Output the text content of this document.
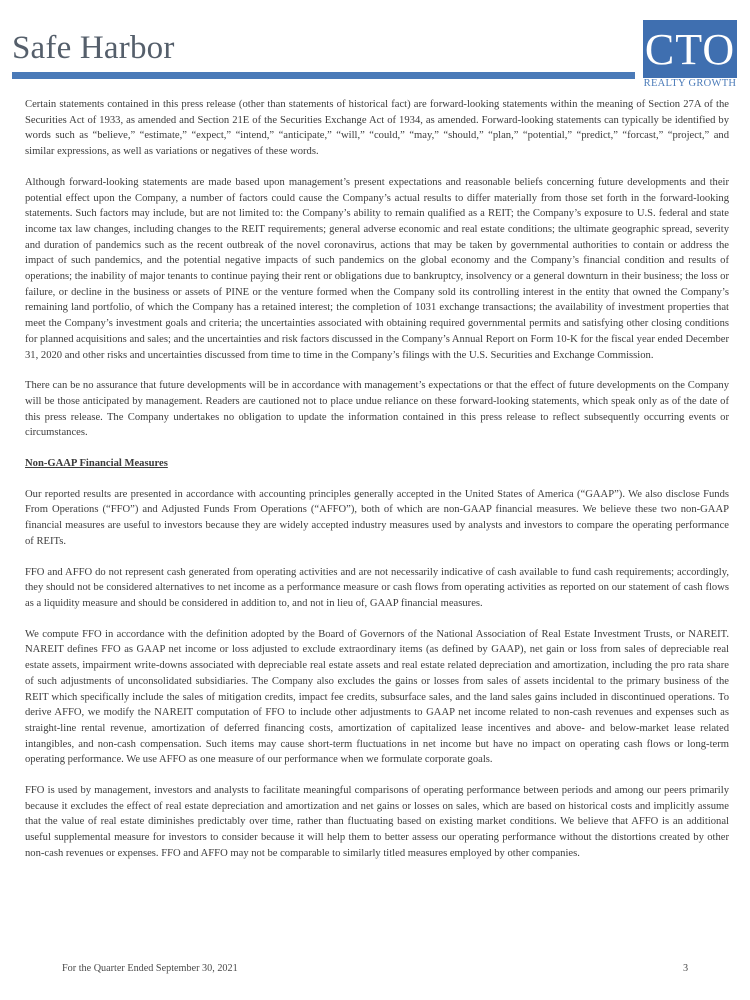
Safe Harbor	CTO
REALTY GROWTH

Certain statements contained in this press release (other than statements of historical fact) are forward-looking statements within the meaning of Section 27A of the Securities Act of 1933, as amended and Section 21E of the Securities Exchange Act of 1934, as amended. Forward-looking statements can typically be identified by words such as “believe,” “estimate,” “expect,” “intend,” “anticipate,” “will,” “could,” “may,” “should,” “plan,” “potential,” “predict,” “forcast,” “project,” and similar expressions, as well as variations or negatives of these words.

Although forward-looking statements are made based upon management’s present expectations and reasonable beliefs concerning future developments and their potential effect upon the Company, a number of factors could cause the Company’s actual results to differ materially from those set forth in the forward-looking statements. Such factors may include, but are not limited to: the Company’s ability to remain qualified as a REIT; the Company’s exposure to U.S. federal and state income tax law changes, including changes to the REIT requirements; general adverse economic and real estate conditions; the ultimate geographic spread, severity and duration of pandemics such as the recent outbreak of the novel coronavirus, actions that may be taken by governmental authorities to contain or address the impact of such pandemics, and the potential negative impacts of such pandemics on the global economy and the Company’s financial condition and results of operations; the inability of major tenants to continue paying their rent or obligations due to bankruptcy, insolvency or a general downturn in their business; the loss or failure, or decline in the business or assets of PINE or the venture formed when the Company sold its controlling interest in the entity that owned the Company’s remaining land portfolio, of which the Company has a retained interest; the completion of 1031 exchange transactions; the availability of investment properties that meet the Company’s investment goals and criteria; the uncertainties associated with obtaining required governmental permits and satisfying other closing conditions for planned acquisitions and sales; and the uncertainties and risk factors discussed in the Company’s Annual Report on Form 10-K for the fiscal year ended December 31, 2020 and other risks and uncertainties discussed from time to time in the Company’s filings with the U.S. Securities and Exchange Commission.

There can be no assurance that future developments will be in accordance with management’s expectations or that the effect of future developments on the Company will be those anticipated by management. Readers are cautioned not to place undue reliance on these forward-looking statements, which speak only as of the date of this press release. The Company undertakes no obligation to update the information contained in this press release to reflect subsequently occurring events or circumstances.

Non-GAAP Financial Measures

Our reported results are presented in accordance with accounting principles generally accepted in the United States of America (“GAAP”). We also disclose Funds From Operations (“FFO”) and Adjusted Funds From Operations (“AFFO”), both of which are non-GAAP financial measures. We believe these two non-GAAP financial measures are useful to investors because they are widely accepted industry measures used by analysts and investors to compare the operating performance of REITs.

FFO and AFFO do not represent cash generated from operating activities and are not necessarily indicative of cash available to fund cash requirements; accordingly, they should not be considered alternatives to net income as a performance measure or cash flows from operating activities as reported on our statement of cash flows as a liquidity measure and should be considered in addition to, and not in lieu of, GAAP financial measures.

We compute FFO in accordance with the definition adopted by the Board of Governors of the National Association of Real Estate Investment Trusts, or NAREIT. NAREIT defines FFO as GAAP net income or loss adjusted to exclude extraordinary items (as defined by GAAP), net gain or loss from sales of depreciable real estate assets, impairment write-downs associated with depreciable real estate assets and real estate related depreciation and amortization, including the pro rata share of such adjustments of unconsolidated subsidiaries. The Company also excludes the gains or losses from sales of assets incidental to the primary business of the REIT which specifically include the sales of mitigation credits, impact fee credits, subsurface sales, and the land sales gains included in discontinued operations. To derive AFFO, we modify the NAREIT computation of FFO to include other adjustments to GAAP net income related to non-cash revenues and expenses such as straight-line rental revenue, amortization of deferred financing costs, amortization of capitalized lease incentives and above- and below-market lease related intangibles, and non-cash compensation. Such items may cause short-term fluctuations in net income but have no impact on operating cash flows or long-term operating performance. We use AFFO as one measure of our performance when we formulate corporate goals.

FFO is used by management, investors and analysts to facilitate meaningful comparisons of operating performance between periods and among our peers primarily because it excludes the effect of real estate depreciation and amortization and net gains or losses on sales, which are based on historical costs and implicitly assume that the value of real estate diminishes predictably over time, rather than fluctuating based on existing market conditions. We believe that AFFO is an additional useful supplemental measure for investors to consider because it will help them to better assess our operating performance without the distortions created by other non-cash revenues or expenses. FFO and AFFO may not be comparable to similarly titled measures employed by other companies.

For the Quarter Ended September 30, 2021	3
